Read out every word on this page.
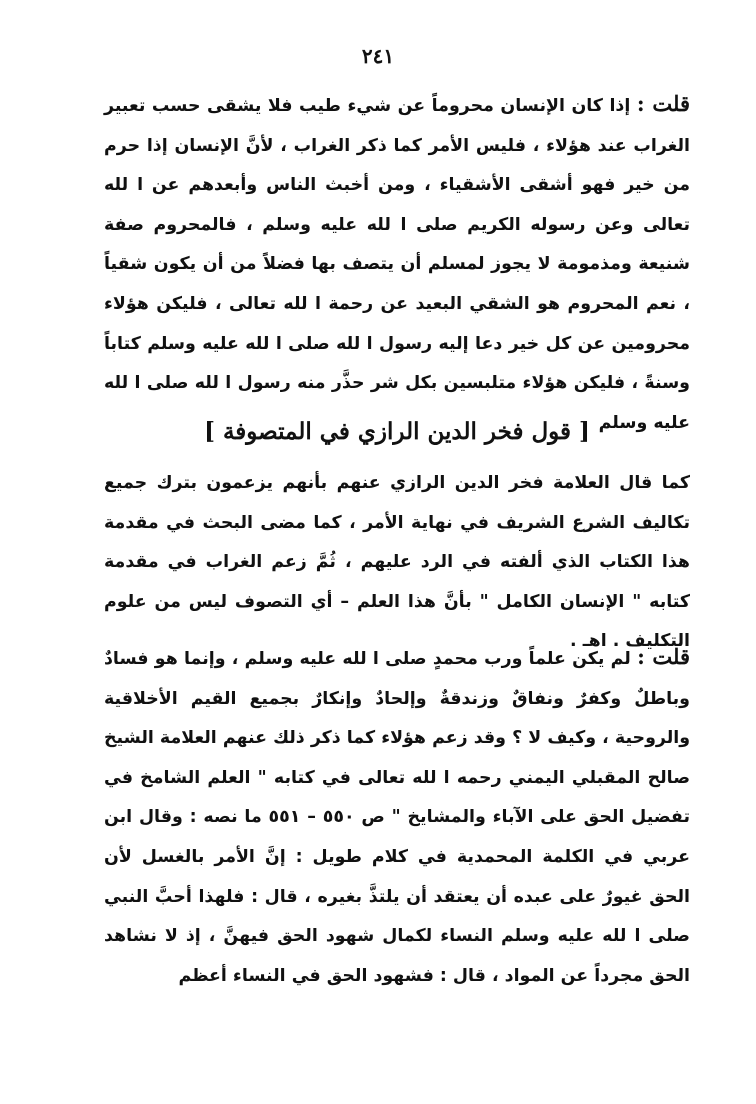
٢٤١

قلت : إذا كان الإنسان محروماً عن شيء طيب فلا يشقى حسب تعبير الغراب عند هؤلاء ، فليس الأمر كما ذكر الغراب ، لأنَّ الإنسان إذا حرم من خير فهو أشقى الأشقياء ، ومن أخبث الناس وأبعدهم عن ا لله تعالى وعن رسوله الكريم صلى ا لله عليه وسلم ، فالمحروم صفة شنيعة ومذمومة لا يجوز لمسلم أن يتصف بها فضلاً من أن يكون شقياً ، نعم المحروم هو الشقي البعيد عن رحمة ا لله تعالى ، فليكن هؤلاء محرومين عن كل خير دعا إليه رسول ا لله صلى ا لله عليه وسلم كتاباً وسنةً ، فليكن هؤلاء متلبسين بكل شر حذَّر منه رسول ا لله صلى ا لله عليه وسلم

[ قول فخر الدين الرازي في المتصوفة ]

كما قال العلامة فخر الدين الرازي عنهم بأنهم يزعمون بترك جميع تكاليف الشرع الشريف في نهاية الأمر ، كما مضى البحث في مقدمة هذا الكتاب الذي ألفته في الرد عليهم ، ثُمَّ زعم الغراب في مقدمة كتابه " الإنسان الكامل " بأنَّ هذا العلم – أي التصوف ليس من علوم التكليف . اهـ .

قلت : لم يكن علماً ورب محمدٍ صلى ا لله عليه وسلم ، وإنما هو فسادٌ وباطلٌ وكفرٌ ونفاقٌ وزندقةٌ وإلحادٌ وإنكارٌ بجميع القيم الأخلاقية والروحية ، وكيف لا ؟ وقد زعم هؤلاء كما ذكر ذلك عنهم العلامة الشيخ صالح المقبلي اليمني رحمه ا لله تعالى في كتابه " العلم الشامخ في تفضيل الحق على الآباء والمشايخ " ص ٥٥٠ – ٥٥١ ما نصه : وقال ابن عربي في الكلمة المحمدية في كلام طويل : إنَّ الأمر بالغسل لأن الحق غيورٌ على عبده أن يعتقد أن يلتذَّ بغيره ، قال : فلهذا أحبَّ النبي صلى ا لله عليه وسلم النساء لكمال شهود الحق فيهنَّ ، إذ لا نشاهد الحق مجرداً عن المواد ، قال : فشهود الحق في النساء أعظم
